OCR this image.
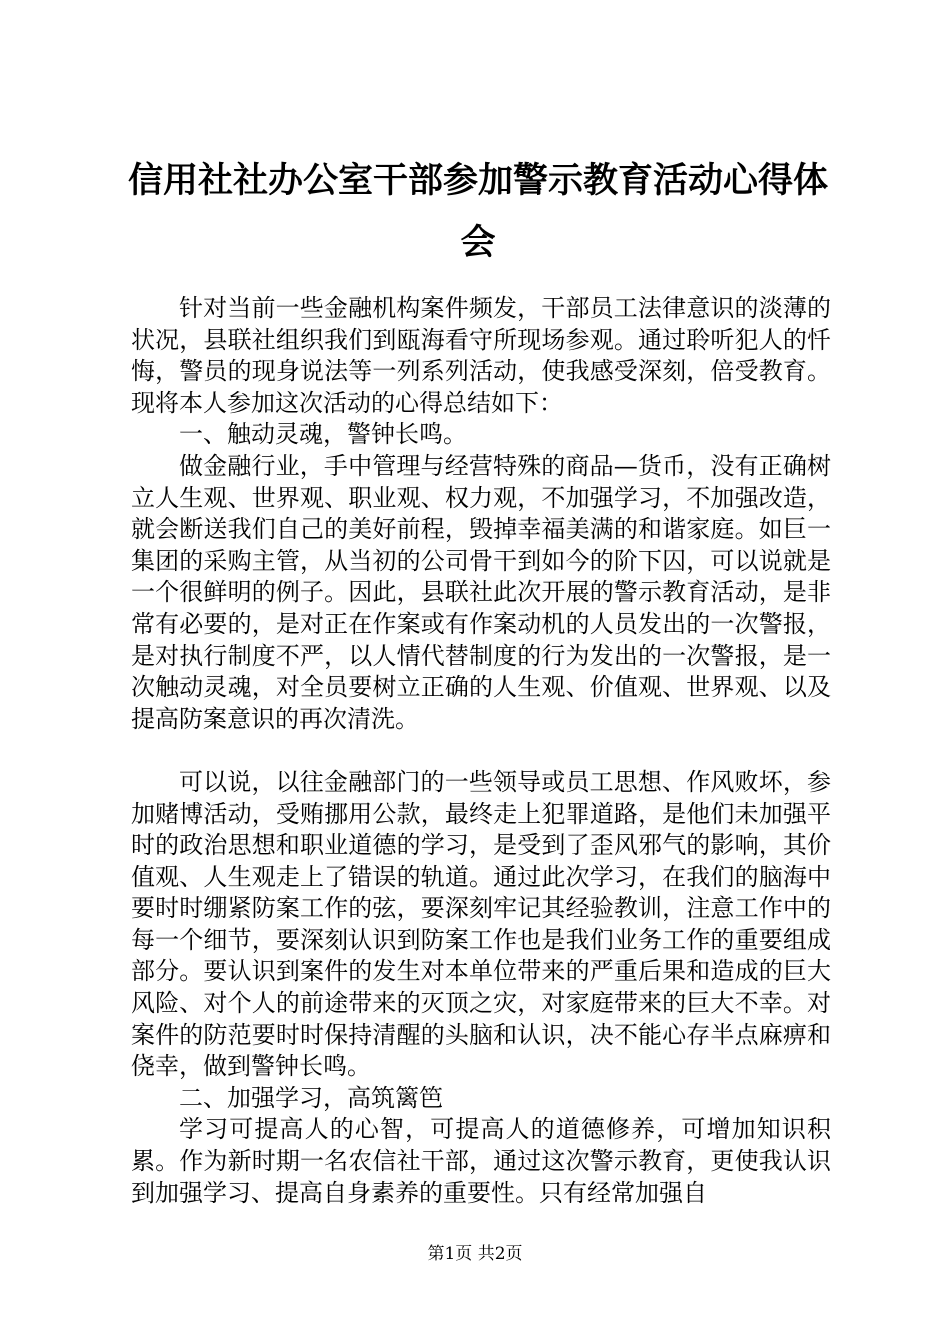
信用社社办公室干部参加警示教育活动心得体会

针对当前一些金融机构案件频发，干部员工法律意识的淡薄的状况，县联社组织我们到瓯海看守所现场参观。通过聆听犯人的忏悔，警员的现身说法等一列系列活动，使我感受深刻，倍受教育。现将本人参加这次活动的心得总结如下：

一、触动灵魂，警钟长鸣。

做金融行业，手中管理与经营特殊的商品—货币，没有正确树立人生观、世界观、职业观、权力观，不加强学习，不加强改造，就会断送我们自己的美好前程，毁掉幸福美满的和谐家庭。如巨一集团的采购主管，从当初的公司骨干到如今的阶下囚，可以说就是一个很鲜明的例子。因此，县联社此次开展的警示教育活动，是非常有必要的，是对正在作案或有作案动机的人员发出的一次警报，是对执行制度不严，以人情代替制度的行为发出的一次警报，是一次触动灵魂，对全员要树立正确的人生观、价值观、世界观、以及提高防案意识的再次清洗。

可以说，以往金融部门的一些领导或员工思想、作风败坏，参加赌博活动，受贿挪用公款，最终走上犯罪道路，是他们未加强平时的政治思想和职业道德的学习，是受到了歪风邪气的影响，其价值观、人生观走上了错误的轨道。通过此次学习，在我们的脑海中要时时绷紧防案工作的弦，要深刻牢记其经验教训，注意工作中的每一个细节，要深刻认识到防案工作也是我们业务工作的重要组成部分。要认识到案件的发生对本单位带来的严重后果和造成的巨大风险、对个人的前途带来的灭顶之灾，对家庭带来的巨大不幸。对案件的防范要时时保持清醒的头脑和认识，决不能心存半点麻痹和侥幸，做到警钟长鸣。

二、加强学习，高筑篱笆

学习可提高人的心智，可提高人的道德修养，可增加知识积累。作为新时期一名农信社干部，通过这次警示教育，更使我认识到加强学习、提高自身素养的重要性。只有经常加强自

第1页 共2页
